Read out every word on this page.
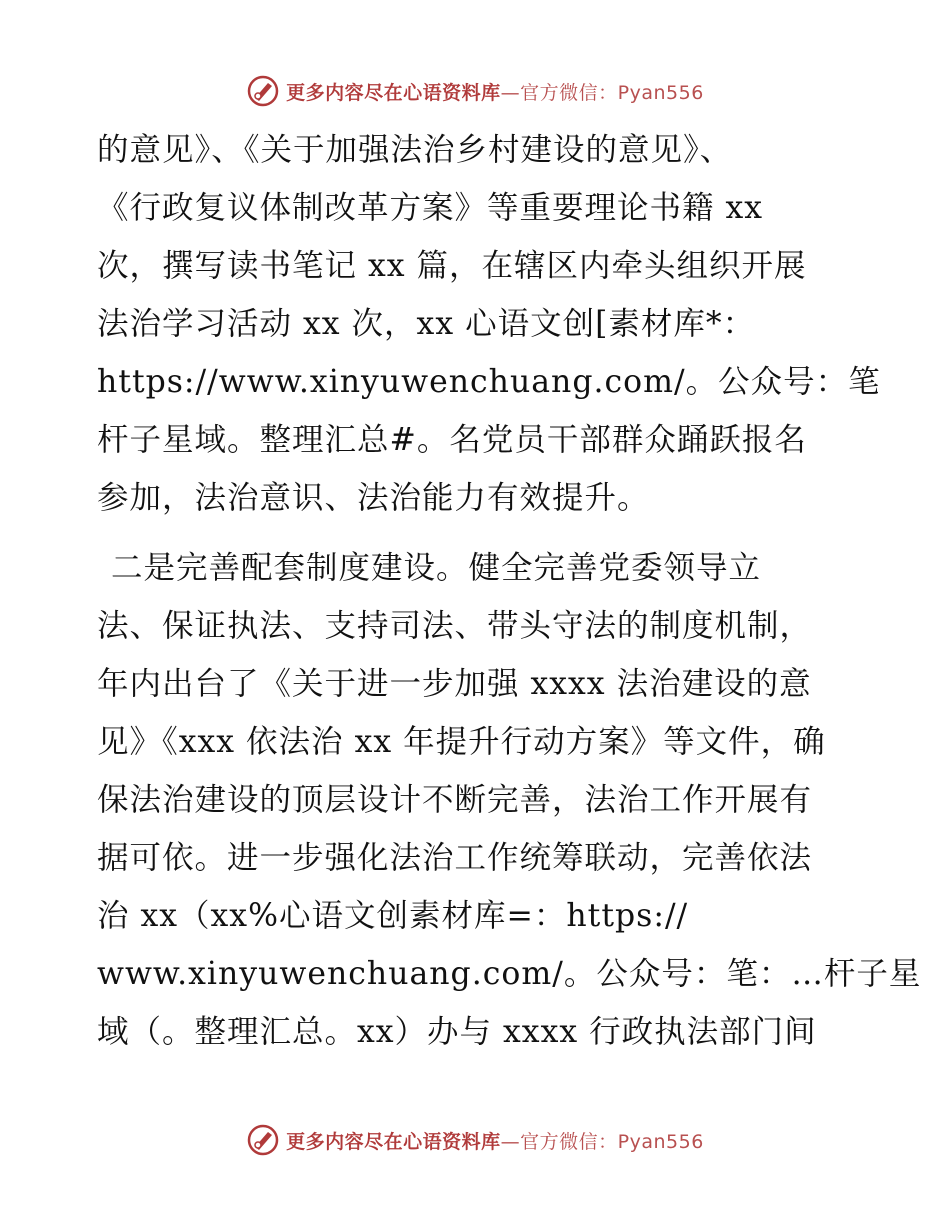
更多内容尽在心语资料库—官方微信：Pyan556
的意见》、《关于加强法治乡村建设的意见》、
《行政复议体制改革方案》等重要理论书籍 xx
次，撰写读书笔记 xx 篇，在辖区内牵头组织开展
法治学习活动 xx 次，xx 心语文创[素材库*：
https://www.xinyuwenchuang.com/。公众号：笔
杆子星域。整理汇总#。名党员干部群众踊跃报名
参加，法治意识、法治能力有效提升。
二是完善配套制度建设。健全完善党委领导立
法、保证执法、支持司法、带头守法的制度机制，
年内出台了《关于进一步加强 xxxx 法治建设的意
见》《xxx 依法治 xx 年提升行动方案》等文件，确
保法治建设的顶层设计不断完善，法治工作开展有
据可依。进一步强化法治工作统筹联动，完善依法
治 xx（xx%心语文创素材库=：https://
www.xinyuwenchuang.com/。公众号：笔：…杆子星
域（。整理汇总。xx）办与 xxxx 行政执法部门间
更多内容尽在心语资料库—官方微信：Pyan556
